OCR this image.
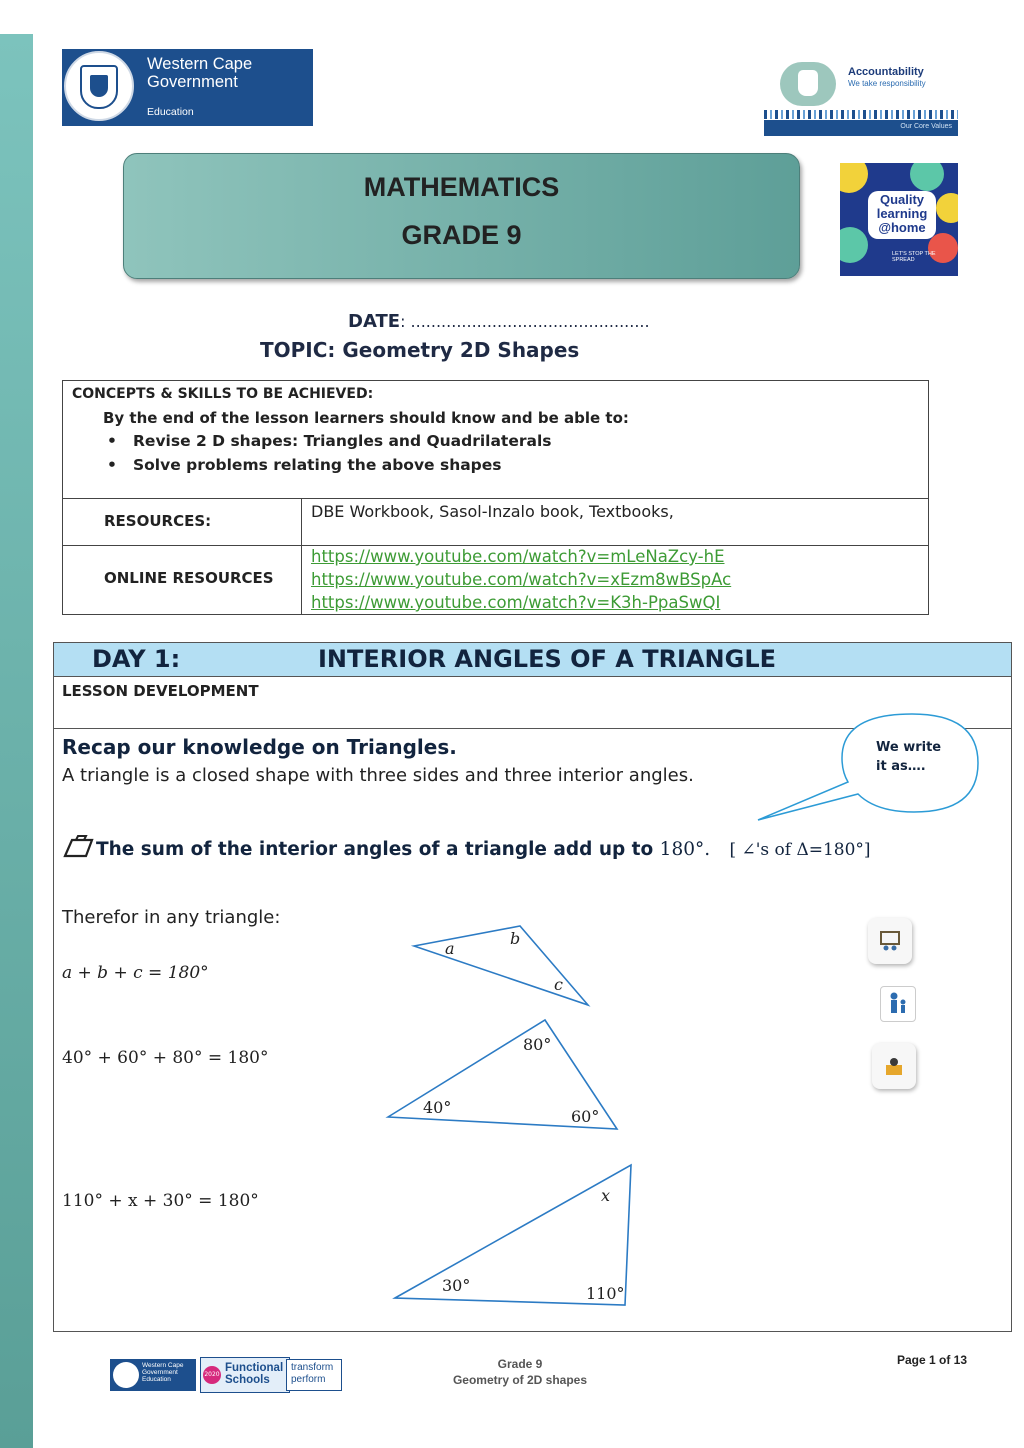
Western Cape Government
Education
Accountability
We take responsibility
Our Core Values
MATHEMATICS
GRADE 9
Quality learning @home
LET'S STOP THE SPREAD
DATE: ...............................................
TOPIC: Geometry 2D Shapes
CONCEPTS & SKILLS TO BE ACHIEVED:
By the end of the lesson learners should know and be able to:
• Revise 2 D shapes: Triangles and Quadrilaterals
• Solve problems relating the above shapes
RESOURCES:	DBE Workbook, Sasol-Inzalo book, Textbooks,
ONLINE RESOURCES
https://www.youtube.com/watch?v=mLeNaZcy-hE
https://www.youtube.com/watch?v=xEzm8wBSpAc
https://www.youtube.com/watch?v=K3h-PpaSwQI
DAY 1:	INTERIOR ANGLES OF A TRIANGLE
LESSON DEVELOPMENT
Recap our knowledge on Triangles.
A triangle is a closed shape with three sides and three interior angles.
We write it as….
The sum of the interior angles of a triangle add up to 180°. [ ∠'s of Δ=180°]
Therefor in any triangle:
a + b + c = 180°
40° + 60° + 80° = 180°
110° + x + 30° = 180°
a
b
c
80°
40°	60°
x
30°	110°
Western Cape Government
Education
2020
Functional Schools
transform perform
Grade 9
Geometry of 2D shapes
Page 1 of 13
